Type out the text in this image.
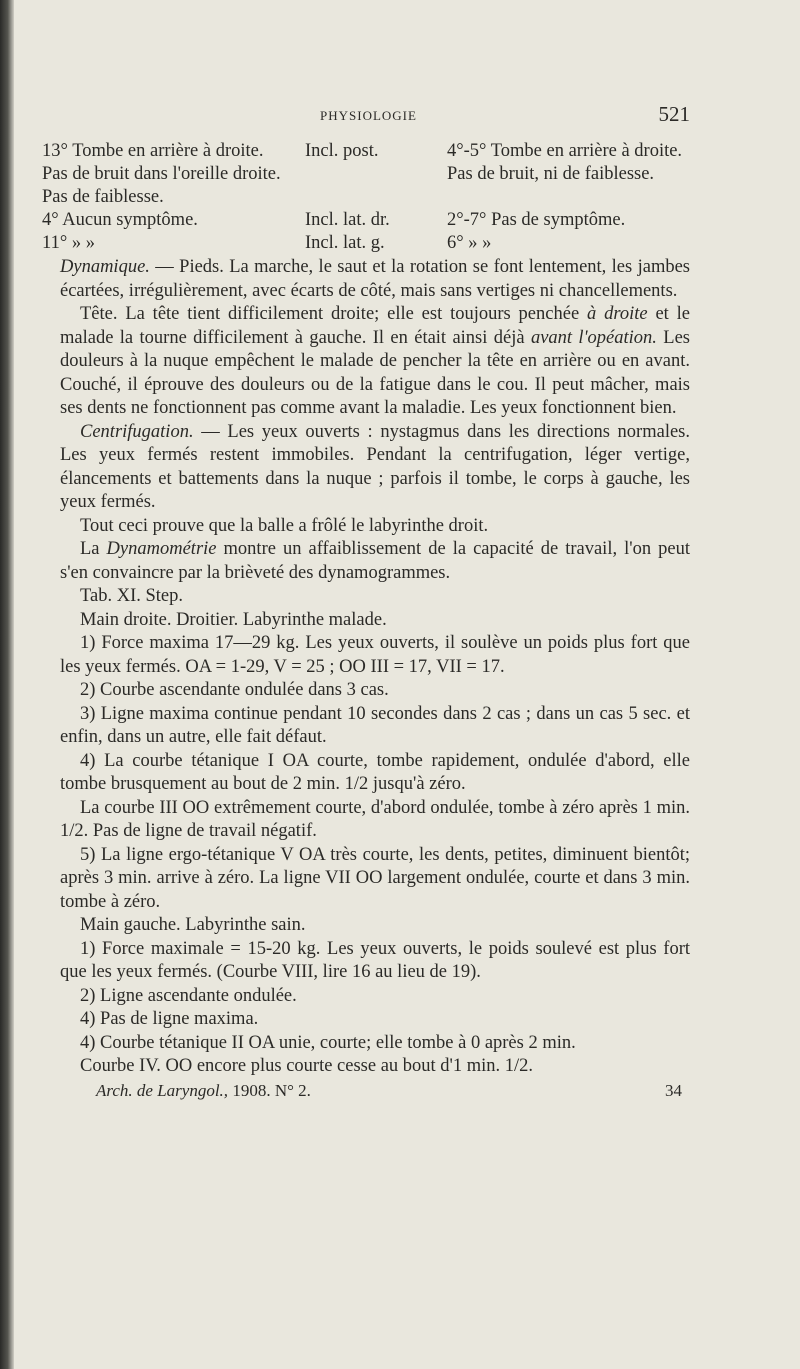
PHYSIOLOGIE	521
13° Tombe en arrière à droite.	Incl. post.	4°-5° Tombe en arrière à droite.
Pas de bruit dans l'oreille droite.		Pas de bruit, ni de faiblesse.
Pas de faiblesse.		
4° Aucun symptôme.	Incl. lat. dr.	2°-7° Pas de symptôme.
11° » »	Incl. lat. g.	6° » »

Dynamique. — Pieds. La marche, le saut et la rotation se font lentement, les jambes écartées, irrégulièrement, avec écarts de côté, mais sans vertiges ni chancellements.

Tête. La tête tient difficilement droite; elle est toujours penchée à droite et le malade la tourne difficilement à gauche. Il en était ainsi déjà avant l'opéation. Les douleurs à la nuque empêchent le malade de pencher la tête en arrière ou en avant. Couché, il éprouve des douleurs ou de la fatigue dans le cou. Il peut mâcher, mais ses dents ne fonctionnent pas comme avant la maladie. Les yeux fonctionnent bien.

Centrifugation. — Les yeux ouverts : nystagmus dans les directions normales. Les yeux fermés restent immobiles. Pendant la centrifugation, léger vertige, élancements et battements dans la nuque ; parfois il tombe, le corps à gauche, les yeux fermés.

Tout ceci prouve que la balle a frôlé le labyrinthe droit.

La Dynamométrie montre un affaiblissement de la capacité de travail, l'on peut s'en convaincre par la brièveté des dynamogrammes.

Tab. XI. Step.

Main droite. Droitier. Labyrinthe malade.

1) Force maxima 17—29 kg. Les yeux ouverts, il soulève un poids plus fort que les yeux fermés. OA = 1-29, V = 25 ; OO III = 17, VII = 17.

2) Courbe ascendante ondulée dans 3 cas.

3) Ligne maxima continue pendant 10 secondes dans 2 cas ; dans un cas 5 sec. et enfin, dans un autre, elle fait défaut.

4) La courbe tétanique I OA courte, tombe rapidement, ondulée d'abord, elle tombe brusquement au bout de 2 min. 1/2 jusqu'à zéro.

La courbe III OO extrêmement courte, d'abord ondulée, tombe à zéro après 1 min. 1/2. Pas de ligne de travail négatif.

5) La ligne ergo-tétanique V OA très courte, les dents, petites, diminuent bientôt; après 3 min. arrive à zéro. La ligne VII OO largement ondulée, courte et dans 3 min. tombe à zéro.

Main gauche. Labyrinthe sain.

1) Force maximale = 15-20 kg. Les yeux ouverts, le poids soulevé est plus fort que les yeux fermés. (Courbe VIII, lire 16 au lieu de 19).

2) Ligne ascendante ondulée.

4) Pas de ligne maxima.

4) Courbe tétanique II OA unie, courte; elle tombe à 0 après 2 min.

Courbe IV. OO encore plus courte cesse au bout d'1 min. 1/2.

Arch. de Laryngol., 1908. N° 2.	34
